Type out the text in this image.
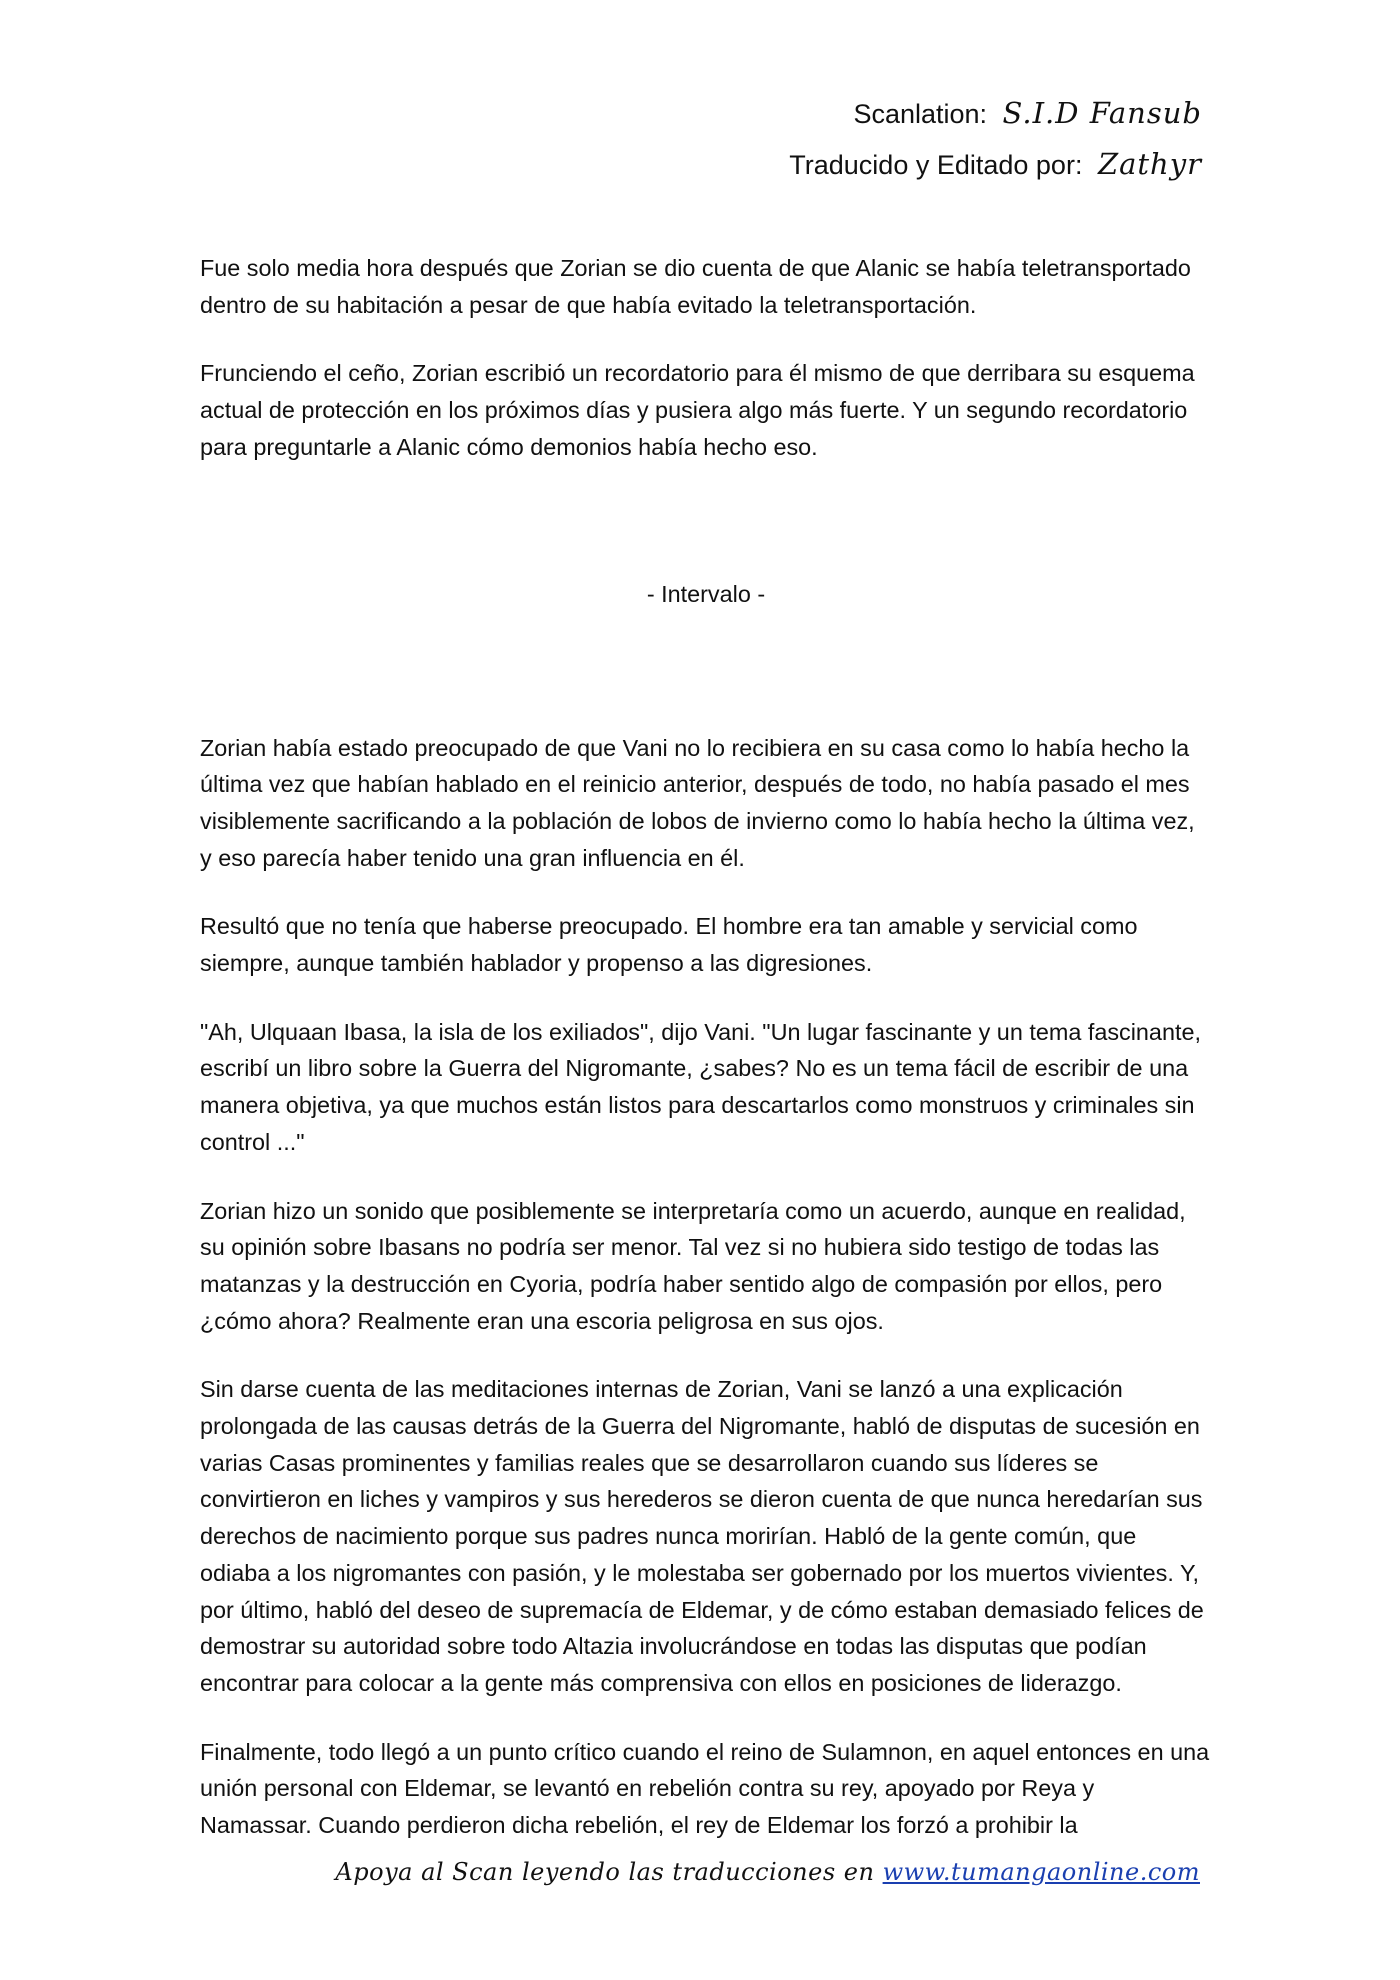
Scanlation: S.I.D Fansub
Traducido y Editado por: Zathyr

Fue solo media hora después que Zorian se dio cuenta de que Alanic se había teletransportado dentro de su habitación a pesar de que había evitado la teletransportación.

Frunciendo el ceño, Zorian escribió un recordatorio para él mismo de que derribara su esquema actual de protección en los próximos días y pusiera algo más fuerte. Y un segundo recordatorio para preguntarle a Alanic cómo demonios había hecho eso.

- Intervalo -

Zorian había estado preocupado de que Vani no lo recibiera en su casa como lo había hecho la última vez que habían hablado en el reinicio anterior, después de todo, no había pasado el mes visiblemente sacrificando a la población de lobos de invierno como lo había hecho la última vez, y eso parecía haber tenido una gran influencia en él.

Resultó que no tenía que haberse preocupado. El hombre era tan amable y servicial como siempre, aunque también hablador y propenso a las digresiones.

"Ah, Ulquaan Ibasa, la isla de los exiliados", dijo Vani. "Un lugar fascinante y un tema fascinante, escribí un libro sobre la Guerra del Nigromante, ¿sabes? No es un tema fácil de escribir de una manera objetiva, ya que muchos están listos para descartarlos como monstruos y criminales sin control ..."

Zorian hizo un sonido que posiblemente se interpretaría como un acuerdo, aunque en realidad, su opinión sobre Ibasans no podría ser menor. Tal vez si no hubiera sido testigo de todas las matanzas y la destrucción en Cyoria, podría haber sentido algo de compasión por ellos, pero ¿cómo ahora? Realmente eran una escoria peligrosa en sus ojos.

Sin darse cuenta de las meditaciones internas de Zorian, Vani se lanzó a una explicación prolongada de las causas detrás de la Guerra del Nigromante, habló de disputas de sucesión en varias Casas prominentes y familias reales que se desarrollaron cuando sus líderes se convirtieron en liches y vampiros y sus herederos se dieron cuenta de que nunca heredarían sus derechos de nacimiento porque sus padres nunca morirían. Habló de la gente común, que odiaba a los nigromantes con pasión, y le molestaba ser gobernado por los muertos vivientes. Y, por último, habló del deseo de supremacía de Eldemar, y de cómo estaban demasiado felices de demostrar su autoridad sobre todo Altazia involucrándose en todas las disputas que podían encontrar para colocar a la gente más comprensiva con ellos en posiciones de liderazgo.

Finalmente, todo llegó a un punto crítico cuando el reino de Sulamnon, en aquel entonces en una unión personal con Eldemar, se levantó en rebelión contra su rey, apoyado por Reya y Namassar. Cuando perdieron dicha rebelión, el rey de Eldemar los forzó a prohibir la

Apoya al Scan leyendo las traducciones en www.tumangaonline.com
